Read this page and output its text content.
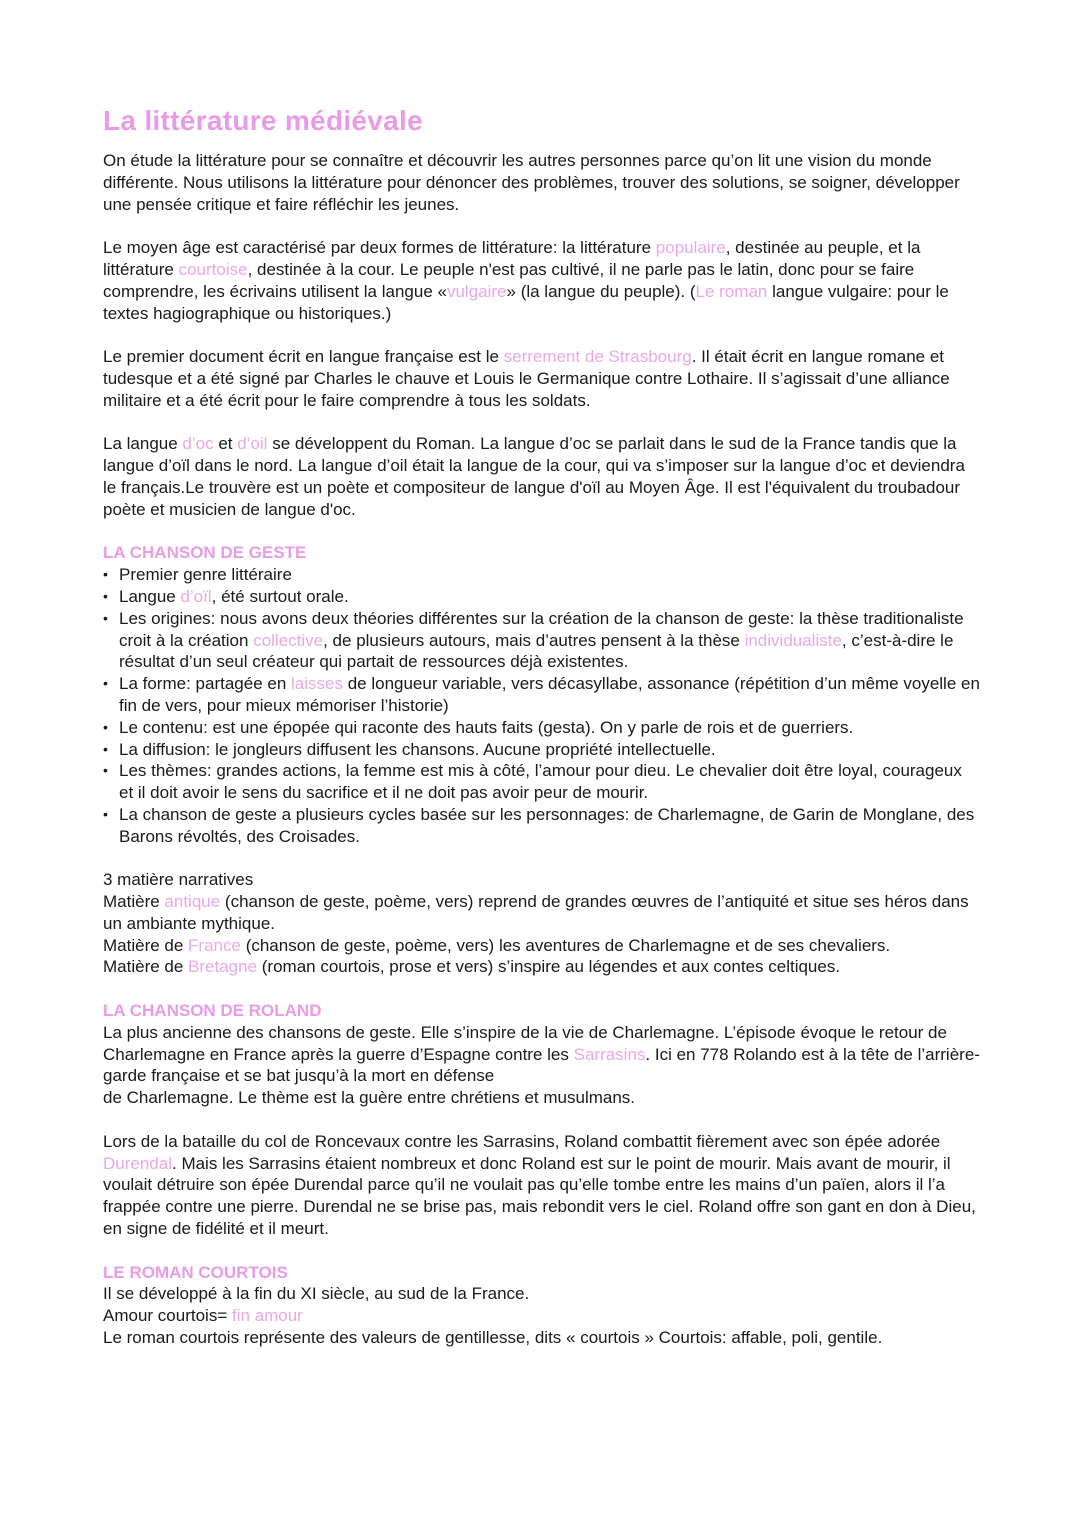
La littérature médiévale

On étude la littérature pour se connaître et découvrir les autres personnes parce qu’on lit une vision du monde différente. Nous utilisons la littérature pour dénoncer des problèmes, trouver des solutions, se soigner, développer une pensée critique et faire réfléchir les jeunes.

Le moyen âge est caractérisé par deux formes de littérature: la littérature populaire, destinée au peuple, et la littérature courtoise, destinée à la cour. Le peuple n'est pas cultivé, il ne parle pas le latin, donc pour se faire comprendre, les écrivains utilisent la langue «vulgaire» (la langue du peuple). (Le roman langue vulgaire: pour le textes hagiographique ou historiques.)

Le premier document écrit en langue française est le serrement de Strasbourg. Il était écrit en langue romane et tudesque et a été signé par Charles le chauve et Louis le Germanique contre Lothaire. Il s’agissait d’une alliance militaire et a été écrit pour le faire comprendre à tous les soldats.

La langue d’oc et d’oil se développent du Roman. La langue d’oc se parlait dans le sud de la France tandis que la langue d’oïl dans le nord. La langue d’oil était la langue de la cour, qui va s’imposer sur la langue d’oc et deviendra le français.Le trouvère est un poète et compositeur de langue d'oïl au Moyen Âge. Il est l'équivalent du troubadour poète et musicien de langue d'oc.

LA CHANSON DE GESTE
• Premier genre littéraire
• Langue d’oïl, été surtout orale.
• Les origines: nous avons deux théories différentes sur la création de la chanson de geste: la thèse traditionaliste croit à la création collective, de plusieurs autours, mais d’autres pensent à la thèse individualiste, c’est-à-dire le résultat d’un seul créateur qui partait de ressources déjà existentes.
• La forme: partagée en laisses de longueur variable, vers décasyllabe, assonance (répétition d’un même voyelle en fin de vers, pour mieux mémoriser l’historie)
• Le contenu: est une épopée qui raconte des hauts faits (gesta). On y parle de rois et de guerriers.
• La diffusion: le jongleurs diffusent les chansons. Aucune propriété intellectuelle.
• Les thèmes: grandes actions, la femme est mis à côté, l’amour pour dieu. Le chevalier doit être loyal, courageux et il doit avoir le sens du sacrifice et il ne doit pas avoir peur de mourir.
• La chanson de geste a plusieurs cycles basée sur les personnages: de Charlemagne, de Garin de Monglane, des Barons révoltés, des Croisades.

3 matière narratives

Matière antique (chanson de geste, poème, vers) reprend de grandes œuvres de l’antiquité et situe ses héros dans un ambiante mythique.

Matière de France (chanson de geste, poème, vers) les aventures de Charlemagne et de ses chevaliers.

Matière de Bretagne (roman courtois, prose et vers) s’inspire au légendes et aux contes celtiques.

LA CHANSON DE ROLAND

La plus ancienne des chansons de geste. Elle s’inspire de la vie de Charlemagne. L’épisode évoque le retour de Charlemagne en France après la guerre d’Espagne contre les Sarrasins. Ici en 778 Rolando est à la tête de l’arrière-garde française et se bat jusqu’à la mort en défense

de Charlemagne. Le thème est la guère entre chrétiens et musulmans.

Lors de la bataille du col de Roncevaux contre les Sarrasins, Roland combattit fièrement avec son épée adorée Durendal. Mais les Sarrasins étaient nombreux et donc Roland est sur le point de mourir. Mais avant de mourir, il voulait détruire son épée Durendal parce qu’il ne voulait pas qu’elle tombe entre les mains d’un païen, alors il l’a frappée contre une pierre. Durendal ne se brise pas, mais rebondit vers le ciel. Roland offre son gant en don à Dieu, en signe de fidélité et il meurt.

LE ROMAN COURTOIS

Il se développé à la fin du XI siècle, au sud de la France.

Amour courtois= fin amour

Le roman courtois représente des valeurs de gentillesse, dits « courtois » Courtois: affable, poli, gentile.
